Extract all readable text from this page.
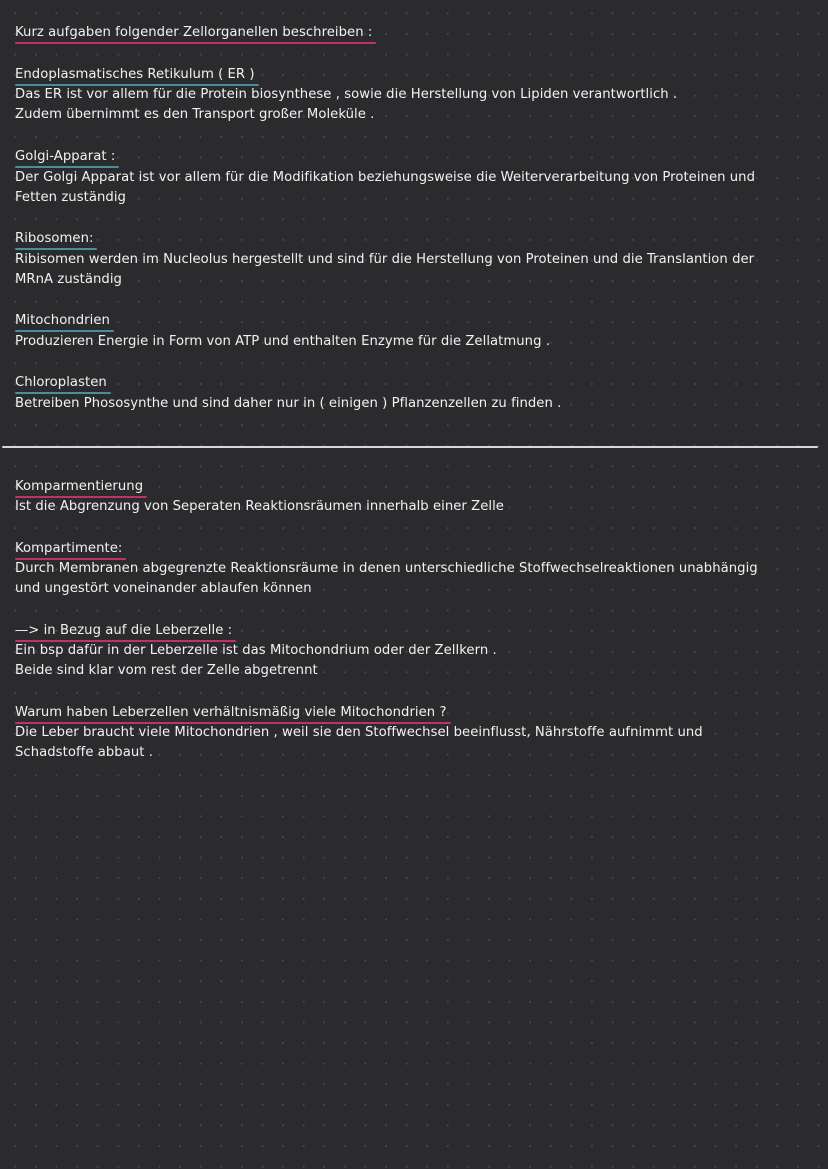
Kurz aufgaben folgender Zellorganellen beschreiben :
Endoplasmatisches Retikulum ( ER )
Das ER ist vor allem für die Protein biosynthese , sowie die Herstellung von Lipiden verantwortlich .
Zudem übernimmt es den Transport großer Moleküle .
Golgi-Apparat :
Der Golgi Apparat ist vor allem für die Modifikation beziehungsweise die Weiterverarbeitung von Proteinen und
Fetten zuständig
Ribosomen:
Ribisomen werden im Nucleolus hergestellt und sind für die Herstellung von Proteinen und die Translantion der
MRnA zuständig
Mitochondrien
Produzieren Energie in Form von ATP und enthalten Enzyme für die Zellatmung .
Chloroplasten
Betreiben Phososynthe und sind daher nur in ( einigen ) Pflanzenzellen zu finden .
Komparmentierung
Ist die Abgrenzung von Seperaten Reaktionsräumen innerhalb einer Zelle
Kompartimente:
Durch Membranen abgegrenzte Reaktionsräume in denen unterschiedliche Stoffwechselreaktionen unabhängig
und ungestört voneinander ablaufen können
—> in Bezug auf die Leberzelle :
Ein bsp dafür in der Leberzelle ist das Mitochondrium oder der Zellkern .
Beide sind klar vom rest der Zelle abgetrennt
Warum haben Leberzellen verhältnismäßig viele Mitochondrien ?
Die Leber braucht viele Mitochondrien , weil sie den Stoffwechsel beeinflusst, Nährstoffe aufnimmt und
Schadstoffe abbaut .
